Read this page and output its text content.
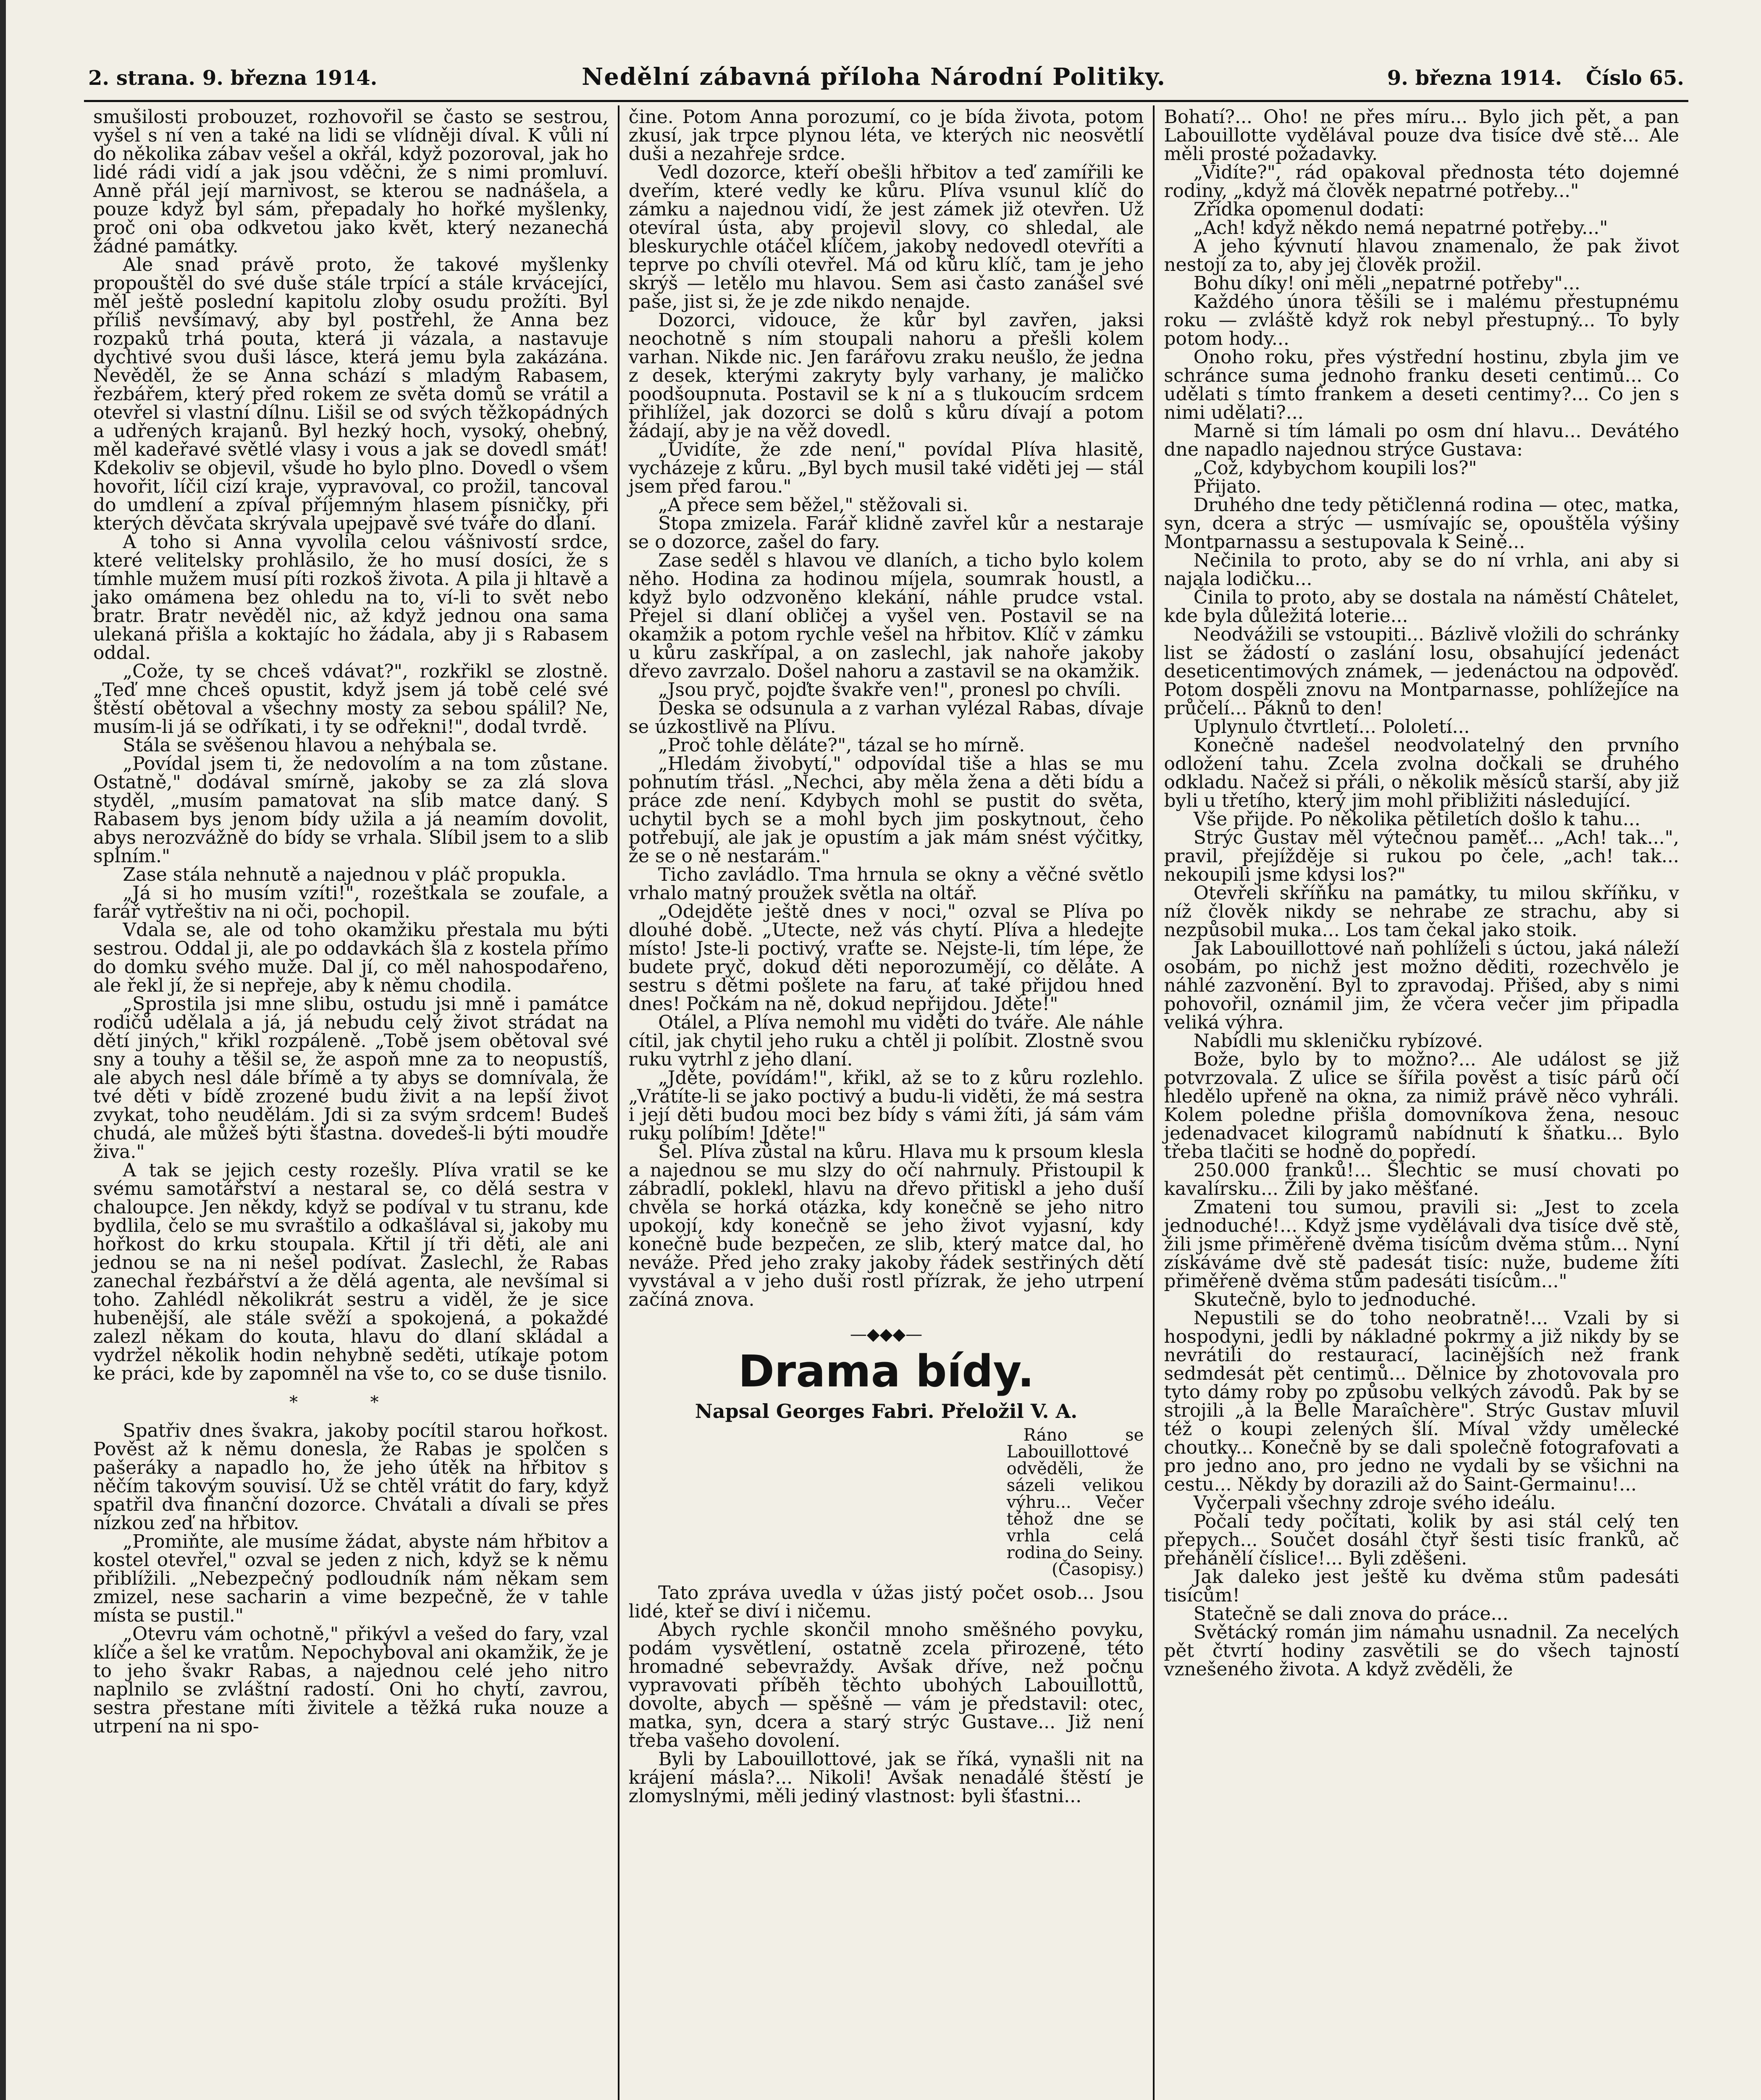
2. strana. 9. března 1914.	Nedělní zábavná příloha Národní Politiky.	9. března 1914. Číslo 65.

smušilosti probouzet, rozhovořil se často se sestrou, vyšel s ní ven a také na lidi se vlídněji díval. K vůli ní do několika zábav vešel a okřál, když pozoroval, jak ho lidé rádi vidí a jak jsou vděčni, že s nimi promluví. Anně přál její marnivost, se kterou se nadnášela, a pouze když byl sám, přepadaly ho hořké myšlenky, proč oni oba odkvetou jako květ, který nezanechá žádné památky.

Ale snad právě proto, že takové myšlenky propouštěl do své duše stále trpící a stále krvácející, měl ještě poslední kapitolu zloby osudu prožíti. Byl příliš nevšímavý, aby byl postřehl, že Anna bez rozpaků trhá pouta, která ji vázala, a nastavuje dychtivé svou duši lásce, která jemu byla zakázána. Nevěděl, že se Anna schází s mladým Rabasem, řezbářem, který před rokem ze světa domů se vrátil a otevřel si vlastní dílnu. Lišil se od svých těžkopádných a udřených krajanů. Byl hezký hoch, vysoký, ohebný, měl kadeřavé světlé vlasy i vous a jak se dovedl smát! Kdekoliv se objevil, všude ho bylo plno. Dovedl o všem hovořit, líčil cizí kraje, vypravoval, co prožil, tancoval do umdlení a zpíval příjemným hlasem písničky, při kterých děvčata skrývala upejpavě své tváře do dlaní.

A toho si Anna vyvolila celou vášnivostí srdce, které velitelsky prohlásilo, že ho musí dosíci, že s tímhle mužem musí píti rozkoš života. A pila ji hltavě a jako omámena bez ohledu na to, ví-li to svět nebo bratr. Bratr nevěděl nic, až když jednou ona sama ulekaná přišla a koktajíc ho žádala, aby ji s Rabasem oddal.

„Cože, ty se chceš vdávat?", rozkřikl se zlostně. „Teď mne chceš opustit, když jsem já tobě celé své štěstí obětoval a všechny mosty za sebou spálil? Ne, musím-li já se odříkati, i ty se odřekni!", dodal tvrdě.

Stála se svěšenou hlavou a nehýbala se.

„Povídal jsem ti, že nedovolím a na tom zůstane. Ostatně," dodával smírně, jakoby se za zlá slova styděl, „musím pamatovat na slib matce daný. S Rabasem bys jenom bídy užila a já neamím dovolit, abys nerozvážně do bídy se vrhala. Slíbil jsem to a slib splním."

Zase stála nehnutě a najednou v pláč propukla.

„Já si ho musím vzíti!", rozeštkala se zoufale, a farář vytřeštiv na ni oči, pochopil.

Vdala se, ale od toho okamžiku přestala mu býti sestrou. Oddal ji, ale po oddavkách šla z kostela přímo do domku svého muže. Dal jí, co měl nahospodařeno, ale řekl jí, že si nepřeje, aby k němu chodila.

„Sprostila jsi mne slibu, ostudu jsi mně i památce rodičů udělala a já, já nebudu celý život strádat na dětí jiných," křikl rozpáleně. „Tobě jsem obětoval své sny a touhy a těšil se, že aspoň mne za to neopustíš, ale abych nesl dále břímě a ty abys se domnívala, že tvé děti v bídě zrozené budu živit a na lepší život zvykat, toho neudělám. Jdi si za svým srdcem! Budeš chudá, ale můžeš býti šťastna. dovedeš-li býti moudře živa."

A tak se jejich cesty rozešly. Plíva vratil se ke svému samotářství a nestaral se, co dělá sestra v chaloupce. Jen někdy, když se podíval v tu stranu, kde bydlila, čelo se mu svraštilo a odkašlával si, jakoby mu hořkost do krku stoupala. Křtil jí tři děti, ale ani jednou se na ni nešel podívat. Zaslechl, že Rabas zanechal řezbářství a že dělá agenta, ale nevšímal si toho. Zahlédl několikrát sestru a viděl, že je sice hubenější, ale stále svěží a spokojená, a pokaždé zalezl někam do kouta, hlavu do dlaní skládal a vydržel několik hodin nehybně seděti, utíkaje potom ke práci, kde by zapomněl na vše to, co se duše tisnilo.

* *

Spatřiv dnes švakra, jakoby pocítil starou hořkost. Pověst až k němu donesla, že Rabas je spolčen s pašeráky a napadlo ho, že jeho útěk na hřbitov s něčím takovým souvisí. Už se chtěl vrátit do fary, když spatřil dva finanční dozorce. Chvátali a dívali se přes nízkou zeď na hřbitov.

„Promiňte, ale musíme žádat, abyste nám hřbitov a kostel otevřel," ozval se jeden z nich, když se k němu přiblížili. „Nebezpečný podloudník nám někam sem zmizel, nese sacharin a vime bezpečně, že v tahle místa se pustil."

„Otevru vám ochotně," přikývl a vešed do fary, vzal klíče a šel ke vratům. Nepochyboval ani okamžik, že je to jeho švakr Rabas, a najednou celé jeho nitro naplnilo se zvláštní radostí. Oni ho chytí, zavrou, sestra přestane míti živitele a těžká ruka nouze a utrpení na ni spo-

čine. Potom Anna porozumí, co je bída života, potom zkusí, jak trpce plynou léta, ve kterých nic neosvětlí duši a nezahřeje srdce.

Vedl dozorce, kteří obešli hřbitov a teď zamířili ke dveřím, které vedly ke kůru. Plíva vsunul klíč do zámku a najednou vidí, že jest zámek již otevřen. Už otevíral ústa, aby projevil slovy, co shledal, ale bleskurychle otáčel klíčem, jakoby nedovedl otevříti a teprve po chvíli otevřel. Má od kůru klíč, tam je jeho skrýš — letělo mu hlavou. Sem asi často zanášel své paše, jist si, že je zde nikdo nenajde.

Dozorci, vidouce, že kůr byl zavřen, jaksi neochotně s ním stoupali nahoru a přešli kolem varhan. Nikde nic. Jen farářovu zraku neušlo, že jedna z desek, kterými zakryty byly varhany, je maličko poodšoupnuta. Postavil se k ní a s tlukoucím srdcem přihlížel, jak dozorci se dolů s kůru dívají a potom žádají, aby je na věž dovedl.

„Uvidíte, že zde není," povídal Plíva hlasitě, vycházeje z kůru. „Byl bych musil také viděti jej — stál jsem před farou."

„A přece sem běžel," stěžovali si.

Stopa zmizela. Farář klidně zavřel kůr a nestaraje se o dozorce, zašel do fary.

Zase seděl s hlavou ve dlaních, a ticho bylo kolem něho. Hodina za hodinou míjela, soumrak houstl, a když bylo odzvoněno klekání, náhle prudce vstal. Přejel si dlaní obličej a vyšel ven. Postavil se na okamžik a potom rychle vešel na hřbitov. Klíč v zámku u kůru zaskřípal, a on zaslechl, jak nahoře jakoby dřevo zavrzalo. Došel nahoru a zastavil se na okamžik.

„Jsou pryč, pojďte švakře ven!", pronesl po chvíli.

Deska se odsunula a z varhan vylézal Rabas, dívaje se úzkostlivě na Plívu.

„Proč tohle děláte?", tázal se ho mírně.

„Hledám živobytí," odpovídal tiše a hlas se mu pohnutím třásl. „Nechci, aby měla žena a děti bídu a práce zde není. Kdybych mohl se pustit do světa, uchytil bych se a mohl bych jim poskytnout, čeho potřebují, ale jak je opustím a jak mám snést výčitky, že se o ně nestarám."

Ticho zavládlo. Tma hrnula se okny a věčné světlo vrhalo matný proužek světla na oltář.

„Odejděte ještě dnes v noci," ozval se Plíva po dlouhé době. „Utecte, než vás chytí. Plíva a hledejte místo! Jste-li poctivý, vraťte se. Nejste-li, tím lépe, že budete pryč, dokud děti neporozumějí, co děláte. A sestru s dětmi pošlete na faru, ať také přijdou hned dnes! Počkám na ně, dokud nepřijdou. Jděte!"

Otálel, a Plíva nemohl mu viděti do tváře. Ale náhle cítil, jak chytil jeho ruku a chtěl ji políbit. Zlostně svou ruku vytrhl z jeho dlaní.

„Jděte, povídám!", křikl, až se to z kůru rozlehlo. „Vrátíte-li se jako poctivý a budu-li viděti, že má sestra i její děti budou moci bez bídy s vámi žíti, já sám vám ruku políbím! Jděte!"

Šel. Plíva zůstal na kůru. Hlava mu k prsoum klesla a najednou se mu slzy do očí nahrnuly. Přistoupil k zábradlí, poklekl, hlavu na dřevo přitiskl a jeho duší chvěla se horká otázka, kdy konečně se jeho nitro upokojí, kdy konečně se jeho život vyjasní, kdy konečně bude bezpečen, ze slib, který matce dal, ho neváže. Před jeho zraky jakoby řádek sestřiných dětí vyvstával a v jeho duši rostl přízrak, že jeho utrpení začíná znova.

—◆◆◆—
Drama bídy.
Napsal Georges Fabri. Přeložil V. A.
Ráno se Labouillottové odvěděli, že sázeli velikou výhru... Večer téhož dne se vrhla celá rodina do Seiny.
(Časopisy.)

Tato zpráva uvedla v úžas jistý počet osob... Jsou lidé, kteř se diví i ničemu.

Abych rychle skončil mnoho směšného povyku, podám vysvětlení, ostatně zcela přirozené, této hromadné sebevraždy. Avšak dříve, než počnu vypravovati příběh těchto ubohých Labouillottů, dovolte, abych — spěšně — vám je představil: otec, matka, syn, dcera a starý strýc Gustave... Již není třeba vašeho dovolení.

Byli by Labouillottové, jak se říká, vynašli nit na krájení másla?... Nikoli! Avšak nenadálé štěstí je zlomyslnými, měli jediný vlastnost: byli šťastni...

Bohatí?... Oho! ne přes míru... Bylo jich pět, a pan Labouillotte vydělával pouze dva tisíce dvě stě... Ale měli prosté požadavky.

„Vidíte?", rád opakoval přednosta této dojemné rodiny, „když má člověk nepatrné potřeby..."

Zřídka opomenul dodati:

„Ach! když někdo nemá nepatrné potřeby..."

A jeho kývnutí hlavou znamenalo, že pak život nestojí za to, aby jej člověk prožil.

Bohu díky! oni měli „nepatrné potřeby"...

Každého února těšili se i malému přestupnému roku — zvláště když rok nebyl přestupný... To byly potom hody...

Onoho roku, přes výstřední hostinu, zbyla jim ve schránce suma jednoho franku deseti centimů... Co udělati s tímto frankem a deseti centimy?... Co jen s nimi udělati?...

Marně si tím lámali po osm dní hlavu... Devátého dne napadlo najednou strýce Gustava:

„Což, kdybychom koupili los?"

Přijato.

Druhého dne tedy pětičlenná rodina — otec, matka, syn, dcera a strýc — usmívajíc se, opouštěla výšiny Montparnassu a sestupovala k Seině...

Nečinila to proto, aby se do ní vrhla, ani aby si najala lodičku...

Činila to proto, aby se dostala na náměstí Châtelet, kde byla důležitá loterie...

Neodvážili se vstoupiti... Bázlivě vložili do schránky list se žádostí o zaslání losu, obsahující jedenáct deseticentimových známek, — jedenáctou na odpověď. Potom dospěli znovu na Montparnasse, pohlížejíce na průčelí... Páknů to den!

Uplynulo čtvrtletí... Pololetí...

Konečně nadešel neodvolatelný den prvního odložení tahu. Zcela zvolna dočkali se druhého odkladu. Načež si přáli, o několik měsíců starší, aby již byli u třetího, který jim mohl přibližiti následující.

Vše přijde. Po několika pětiletích došlo k tahu...

Strýc Gustav měl výtečnou paměť... „Ach! tak...", pravil, přejížděje si rukou po čele, „ach! tak... nekoupili jsme kdysi los?"

Otevřeli skříňku na památky, tu milou skříňku, v níž člověk nikdy se nehrabe ze strachu, aby si nezpůsobil muka... Los tam čekal jako stoik.

Jak Labouillottové naň pohlíželi s úctou, jaká náleží osobám, po nichž jest možno děditi, rozechvělo je náhlé zazvonění. Byl to zpravodaj. Přišed, aby s nimi pohovořil, oznámil jim, že včera večer jim připadla veliká výhra.

Nabídli mu skleničku rybízové.

Bože, bylo by to možno?... Ale událost se již potvrzovala. Z ulice se šířila pověst a tisíc párů očí hledělo upřeně na okna, za nimiž právě něco vyhráli. Kolem poledne přišla domovníkova žena, nesouc jedenadvacet kilogramů nabídnutí k šňatku... Bylo třeba tlačiti se hodně do popředí.

250.000 franků!... Šlechtic se musí chovati po kavalírsku... Žili by jako měšťané.

Zmateni tou sumou, pravili si: „Jest to zcela jednoduché!... Když jsme vydělávali dva tisíce dvě stě, žili jsme přiměřeně dvěma tisícům dvěma stům... Nyní získáváme dvě stě padesát tisíc: nuže, budeme žíti přiměřeně dvěma stům padesáti tisícům..."

Skutečně, bylo to jednoduché.

Nepustili se do toho neobratně!... Vzali by si hospodyni, jedli by nákladné pokrmy a již nikdy by se nevrátili do restaurací, lacinějších než frank sedmdesát pět centimů... Dělnice by zhotovovala pro tyto dámy roby po způsobu velkých závodů. Pak by se strojili „à la Belle Maraîchère". Strýc Gustav mluvil též o koupi zelených šlí. Míval vždy umělecké choutky... Konečně by se dali společně fotografovati a pro jedno ano, pro jedno ne vydali by se všichni na cestu... Někdy by dorazili až do Saint-Germainu!...

Vyčerpali všechny zdroje svého ideálu.

Počali tedy počítati, kolik by asi stál celý ten přepych... Součet dosáhl čtyř šesti tisíc franků, ač přehánělí číslice!... Byli zděšeni.

Jak daleko jest ještě ku dvěma stům padesáti tisícům!

Statečně se dali znova do práce...

Světácký román jim námahu usnadnil. Za necelých pět čtvrtí hodiny zasvětili se do všech tajností vznešeného života. A když zvěděli, že
